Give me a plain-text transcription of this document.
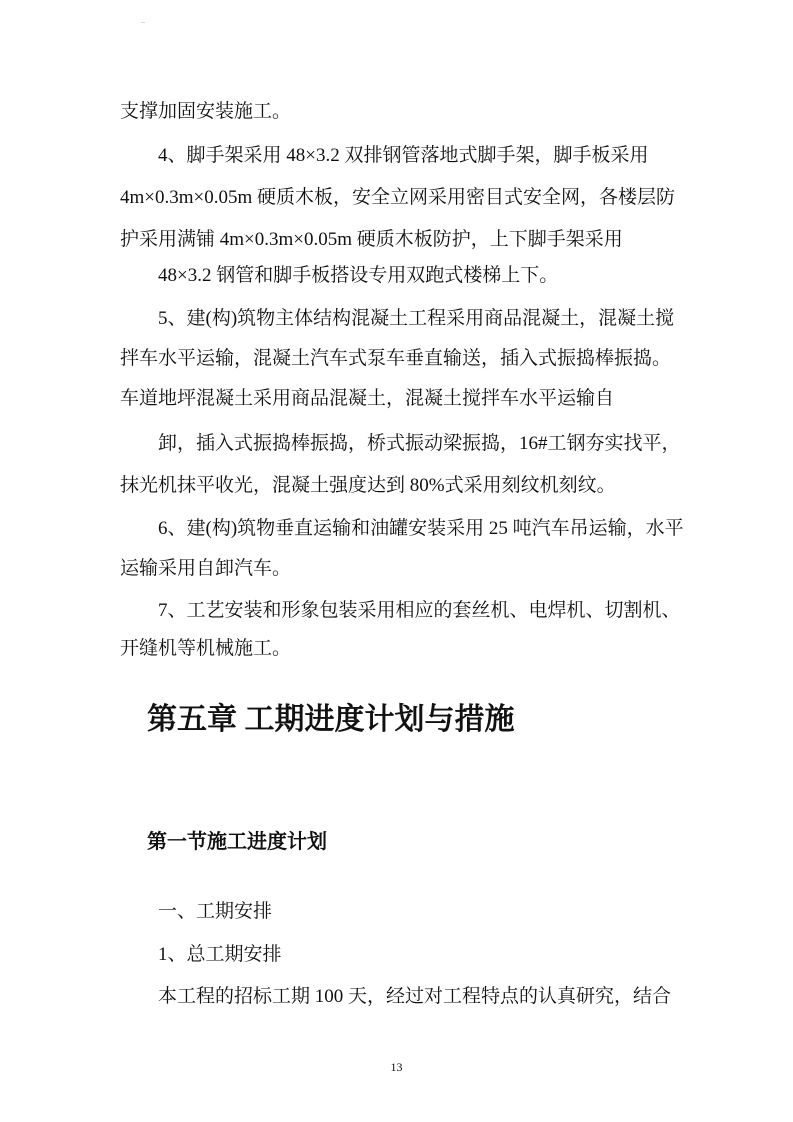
..
支撑加固安装施工。
4、脚手架采用 48×3.2 双排钢管落地式脚手架，脚手板采用
4m×0.3m×0.05m 硬质木板，安全立网采用密目式安全网，各楼层防
护采用满铺 4m×0.3m×0.05m 硬质木板防护，上下脚手架采用
48×3.2 钢管和脚手板搭设专用双跑式楼梯上下。
5、建(构)筑物主体结构混凝土工程采用商品混凝土，混凝土搅
拌车水平运输，混凝土汽车式泵车垂直输送，插入式振捣棒振捣。
车道地坪混凝土采用商品混凝土，混凝土搅拌车水平运输自
卸，插入式振捣棒振捣，桥式振动梁振捣，16#工钢夯实找平，
抹光机抹平收光，混凝土强度达到 80%式采用刻纹机刻纹。
6、建(构)筑物垂直运输和油罐安装采用 25 吨汽车吊运输，水平
运输采用自卸汽车。
7、工艺安装和形象包装采用相应的套丝机、电焊机、切割机、
开缝机等机械施工。
第五章 工期进度计划与措施
第一节施工进度计划
一、工期安排
1、总工期安排
本工程的招标工期 100 天，经过对工程特点的认真研究，结合
13
